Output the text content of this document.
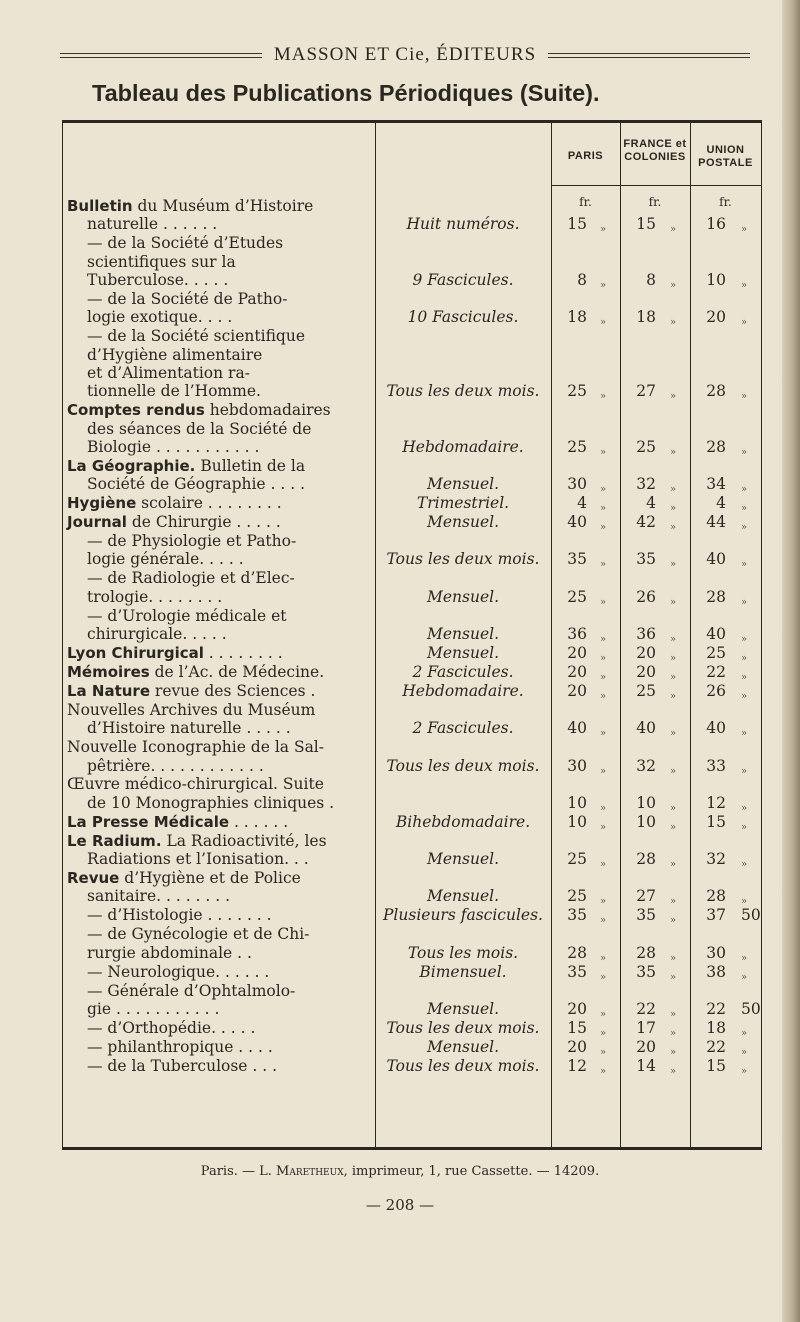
MASSON ET Cie, ÉDITEURS
Tableau des Publications Périodiques (Suite).
PARIS
FRANCE et COLONIES
UNION POSTALE
fr.	fr.	fr.
Bulletin du Muséum d’Histoire
naturelle . . . . . .	Huit numéros.	15 »	15 »	16 »
— de la Société d’Etudes
scientifiques sur la
Tuberculose. . . . .	9 Fascicules.	8 »	8 »	10 »
— de la Société de Patho-
logie exotique. . . .	10 Fascicules.	18 »	18 »	20 »
— de la Société scientifique
d’Hygiène alimentaire
et d’Alimentation ra-
tionnelle de l’Homme.	Tous les deux mois.	25 »	27 »	28 »
Comptes rendus hebdomadaires
des séances de la Société de
Biologie . . . . . . . . . . .	Hebdomadaire.	25 »	25 »	28 »
La Géographie. Bulletin de la
Société de Géographie . . . .	Mensuel.	30 »	32 »	34 »
Hygiène scolaire . . . . . . . .	Trimestriel.	4 »	4 »	4 »
Journal de Chirurgie . . . . .	Mensuel.	40 »	42 »	44 »
— de Physiologie et Patho-
logie générale. . . . .	Tous les deux mois.	35 »	35 »	40 »
— de Radiologie et d’Elec-
trologie. . . . . . . .	Mensuel.	25 »	26 »	28 »
— d’Urologie médicale et
chirurgicale. . . . .	Mensuel.	36 »	36 »	40 »
Lyon Chirurgical . . . . . . . .	Mensuel.	20 »	20 »	25 »
Mémoires de l’Ac. de Médecine.	2 Fascicules.	20 »	20 »	22 »
La Nature revue des Sciences .	Hebdomadaire.	20 »	25 »	26 »
Nouvelles Archives du Muséum
d’Histoire naturelle . . . . .	2 Fascicules.	40 »	40 »	40 »
Nouvelle Iconographie de la Sal-
pêtrière. . . . . . . . . . . .	Tous les deux mois.	30 »	32 »	33 »
Œuvre médico-chirurgical. Suite
de 10 Monographies cliniques .	10 »	10 »	12 »
La Presse Médicale . . . . . .	Bihebdomadaire.	10 »	10 »	15 »
Le Radium. La Radioactivité, les
Radiations et l’Ionisation. . .	Mensuel.	25 »	28 »	32 »
Revue d’Hygiène et de Police
sanitaire. . . . . . . .	Mensuel.	25 »	27 »	28 »
— d’Histologie . . . . . . .	Plusieurs fascicules.	35 »	35 »	37 50
— de Gynécologie et de Chi-
rurgie abdominale . .	Tous les mois.	28 »	28 »	30 »
— Neurologique. . . . . .	Bimensuel.	35 »	35 »	38 »
— Générale d’Ophtalmolo-
gie . . . . . . . . . . .	Mensuel.	20 »	22 »	22 50
— d’Orthopédie. . . . .	Tous les deux mois.	15 »	17 »	18 »
— philanthropique . . . .	Mensuel.	20 »	20 »	22 »
— de la Tuberculose . . .	Tous les deux mois.	12 »	14 »	15 »
Paris. — L. Maretheux, imprimeur, 1, rue Cassette. — 14209.
— 208 —
